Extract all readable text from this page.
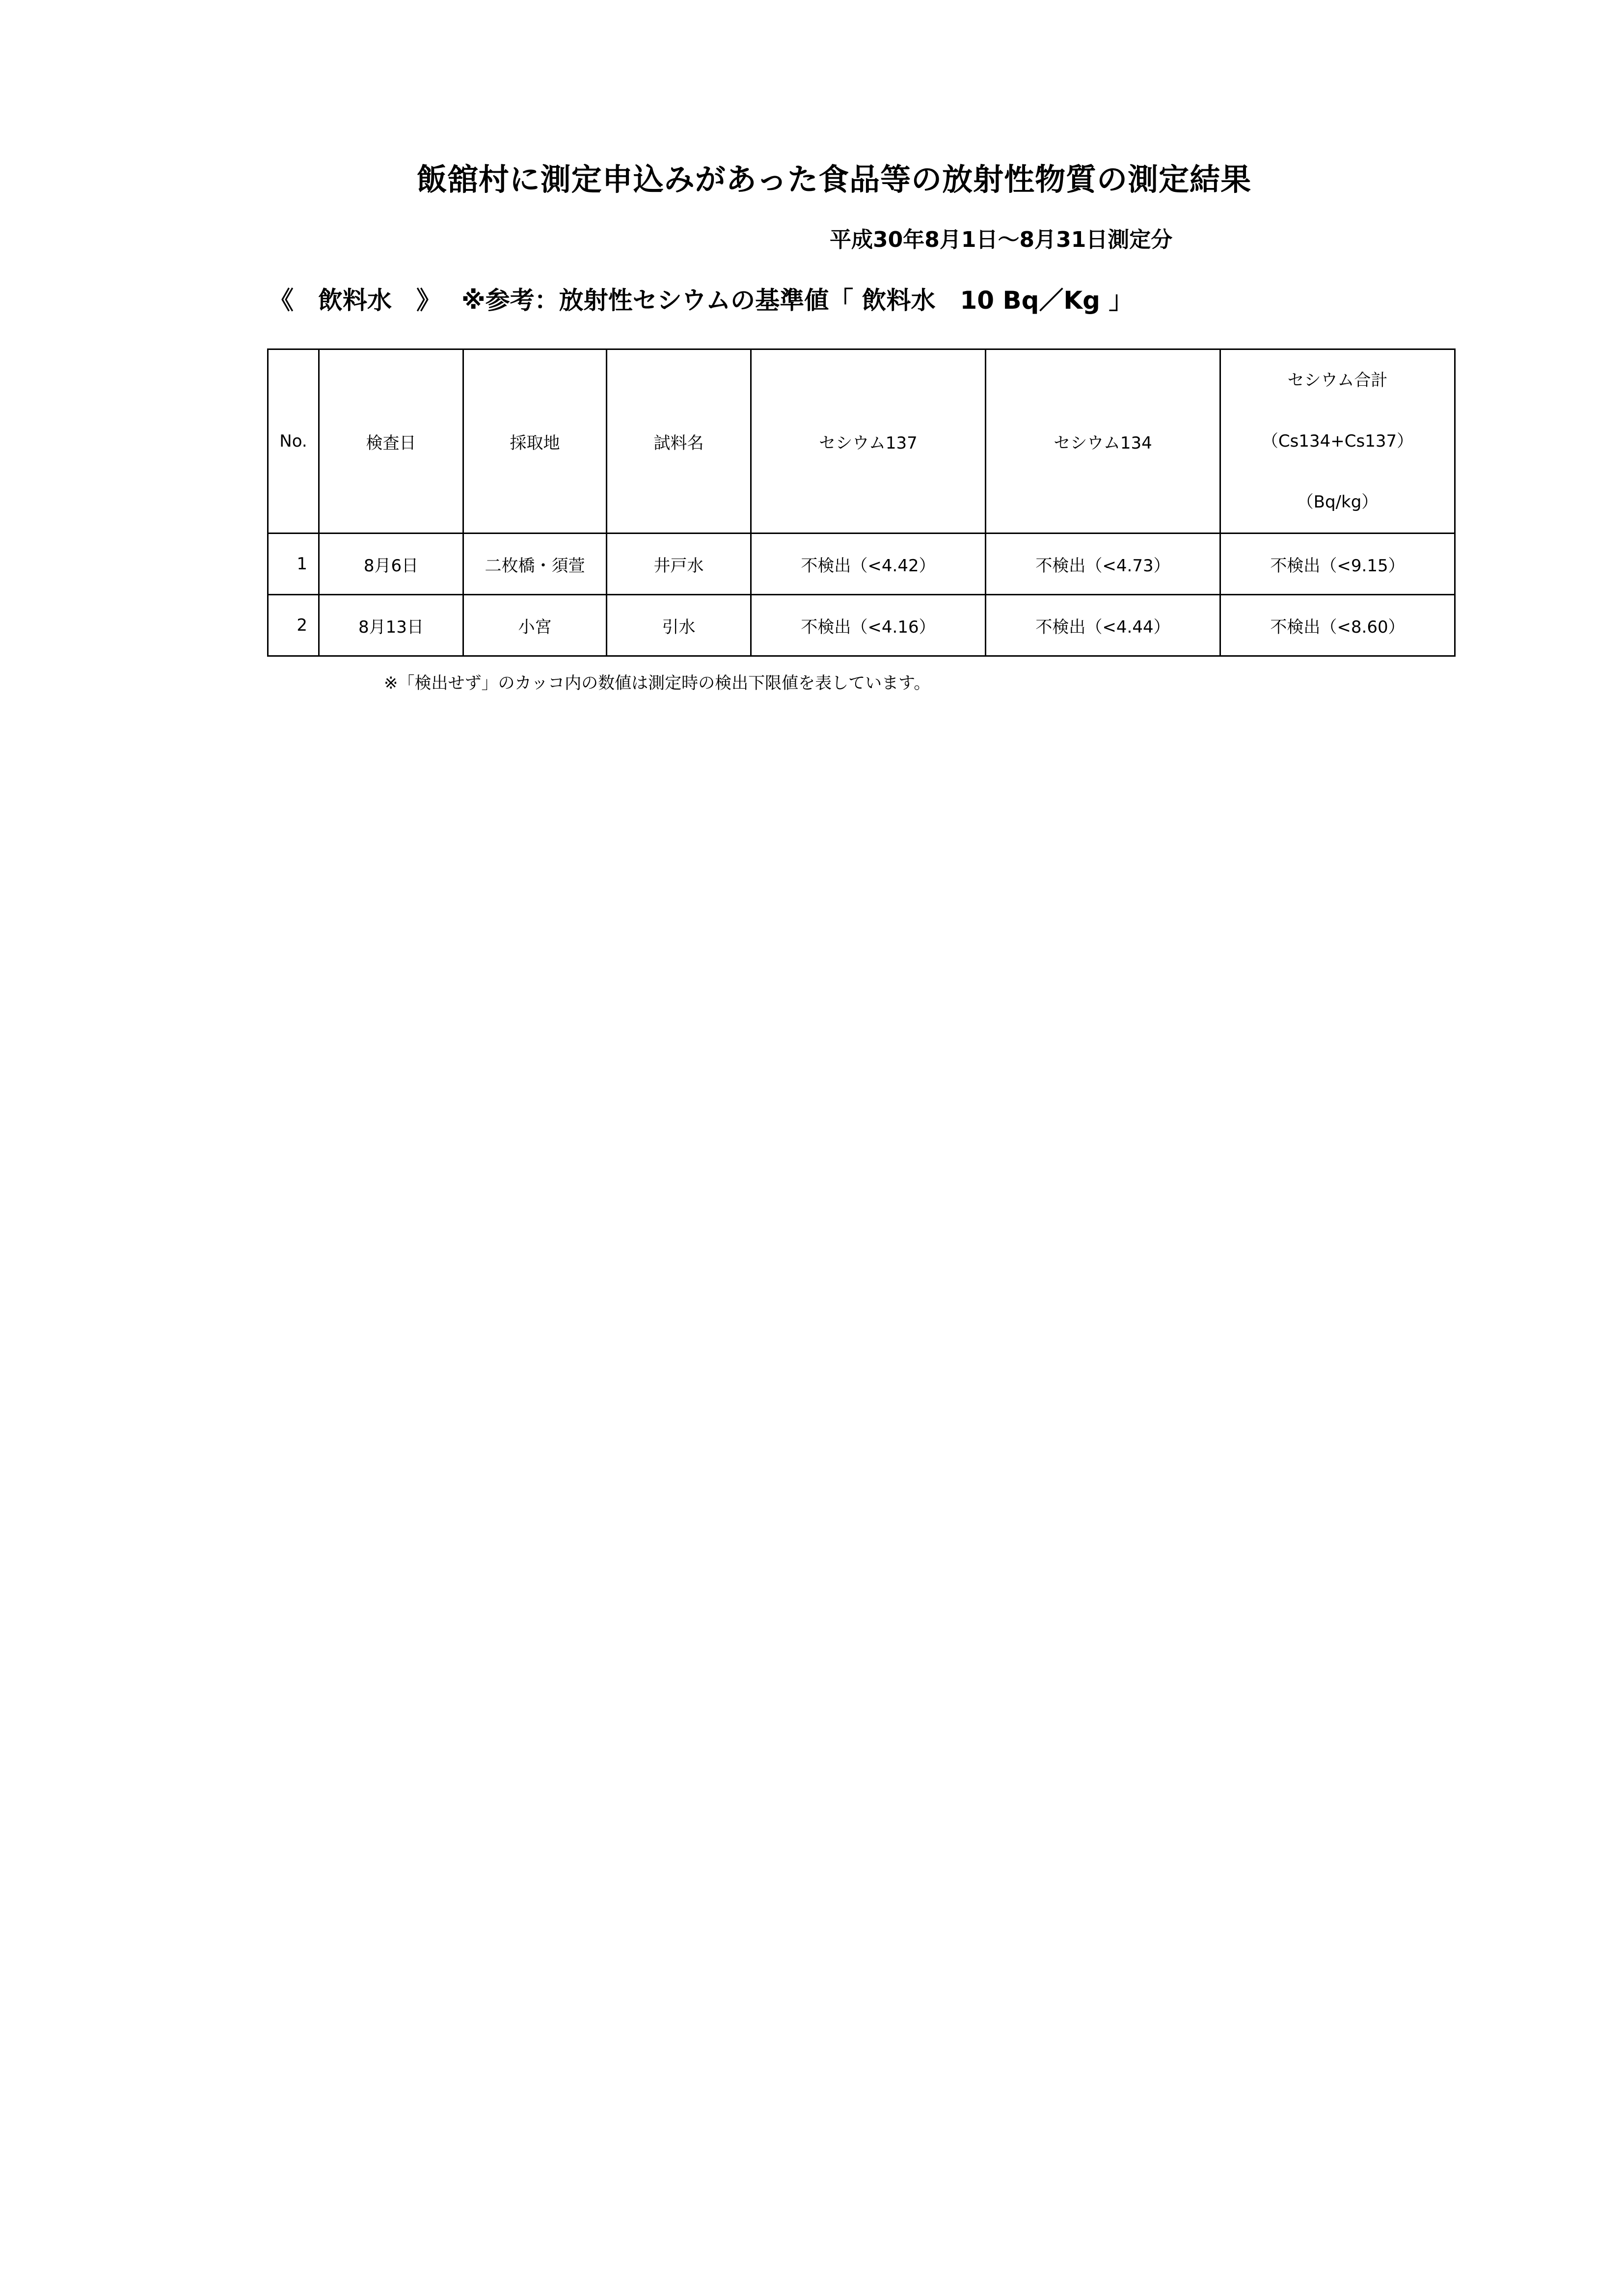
飯舘村に測定申込みがあった食品等の放射性物質の測定結果
平成30年8月1日～8月31日測定分
《　飲料水　》 ※参考：放射性セシウムの基準値「 飲料水　10 Bq／Kg 」
No.	検査日	採取地	試料名	セシウム137	セシウム134	セシウム合計
（Cs134+Cs137）
（Bq/kg）

1	8月6日	二枚橋・須萱	井戸水	不検出（<4.42）	不検出（<4.73）	不検出（<9.15）
2	8月13日	小宮	引水	不検出（<4.16）	不検出（<4.44）	不検出（<8.60）
※「検出せず」のカッコ内の数値は測定時の検出下限値を表しています。
